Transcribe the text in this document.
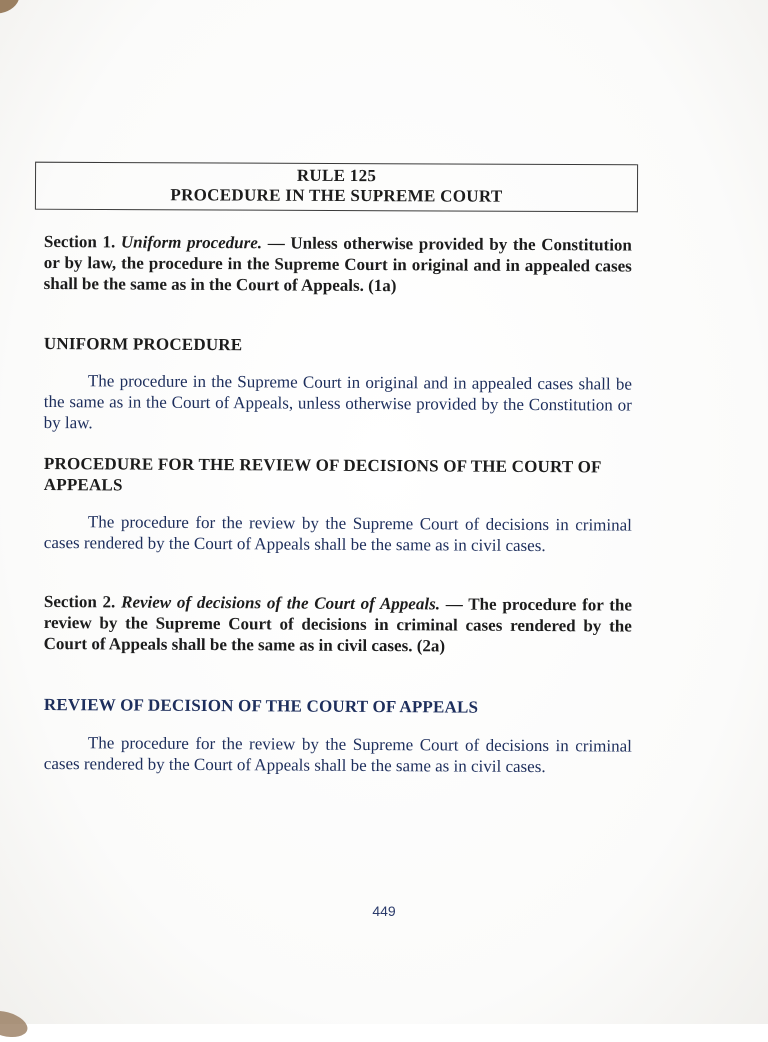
RULE 125
PROCEDURE IN THE SUPREME COURT
Section 1. Uniform procedure. — Unless otherwise provided by the Constitution or by law, the procedure in the Supreme Court in original and in appealed cases shall be the same as in the Court of Appeals. (1a)
UNIFORM PROCEDURE
The procedure in the Supreme Court in original and in appealed cases shall be the same as in the Court of Appeals, unless otherwise provided by the Constitution or by law.
PROCEDURE FOR THE REVIEW OF DECISIONS OF THE COURT OF APPEALS
The procedure for the review by the Supreme Court of decisions in criminal cases rendered by the Court of Appeals shall be the same as in civil cases.
Section 2. Review of decisions of the Court of Appeals. — The procedure for the review by the Supreme Court of decisions in criminal cases rendered by the Court of Appeals shall be the same as in civil cases. (2a)
REVIEW OF DECISION OF THE COURT OF APPEALS
The procedure for the review by the Supreme Court of decisions in criminal cases rendered by the Court of Appeals shall be the same as in civil cases.
449
